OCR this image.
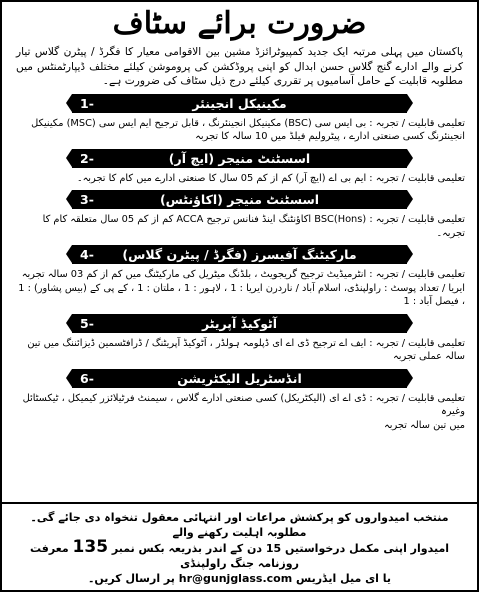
ضرورت برائے سٹاف
پاکستان میں پہلی مرتبہ ایک جدید کمپیوٹرائزڈ مشین بین الاقوامی معیار کا فگرڈ / پیٹرن گلاس تیار کرنے والے ادارے گنج گلاس حسن ابدال کو اپنی پروڈکشن کی پروموشن کیلئے مختلف ڈیپارٹمنٹس میں مطلوبہ قابلیت کے حامل آسامیوں پر تقرری کیلئے درج ذیل سٹاف کی ضرورت ہے۔
مکینیکل انجینئر
1-
تعلیمی قابلیت / تجربہ : بی ایس سی (BSC) مکینیکل انجینئرنگ ، قابل ترجیح ایم ایس سی (MSC) مکینیکل
انجینئرنگ کسی صنعتی ادارے ، پیٹرولیم فیلڈ میں 10 سالہ کا تجربہ
اسسٹنٹ منیجر (ایچ آر)
2-
تعلیمی قابلیت / تجربہ : ایم بی اے (ایچ آر) کم از کم 05 سال کا صنعتی ادارے میں کام کا تجربہ۔
اسسٹنٹ منیجر (اکاؤنٹس)
3-
تعلیمی قابلیت / تجربہ : BSC(Hons) اکاؤنٹنگ اینڈ فنانس ترجیح ACCA کم از کم 05 سال متعلقہ کام کا تجربہ۔
مارکیٹنگ آفیسرز (فگرڈ / پیٹرن گلاس)
4-
تعلیمی قابلیت / تجربہ : انٹرمیڈیٹ ترجیح گریجویٹ ، بلڈنگ میٹریل کی مارکیٹنگ میں کم از کم 03 سالہ تجربہ
ایریا / تعداد پوسٹ : راولپنڈی، اسلام آباد / ناردرن ایریا : 1 ، لاہور : 1 ، ملتان : 1 ، کے پی کے (بیس پشاور) : 1 ، فیصل آباد : 1
آٹوکیڈ آپریٹر
5-
تعلیمی قابلیت / تجربہ : ایف اے ترجیح ڈی اے ای ڈپلومہ ہولڈر ، آٹوکیڈ آپریٹنگ / ڈرافٹسمین ڈیزائننگ میں تین سالہ عملی تجربہ
انڈسٹریل الیکٹریشن
6-
تعلیمی قابلیت / تجربہ : ڈی اے ای (الیکٹریکل) کسی صنعتی ادارے گلاس ، سیمنٹ فرٹیلائزر کیمیکل ، ٹیکسٹائل وغیرہ
میں تین سالہ تجربہ
منتخب امیدواروں کو پرکشش مراعات اور انتہائی معقول تنخواہ دی جائے گی۔ مطلوبہ اہلیت رکھنے والے
امیدوار اپنی مکمل درخواستیں 15 دن کے اندر بذریعہ بکس نمبر 135 معرفت روزنامہ جنگ راولپنڈی
یا ای میل ایڈریس hr@gunjglass.com پر ارسال کریں۔
